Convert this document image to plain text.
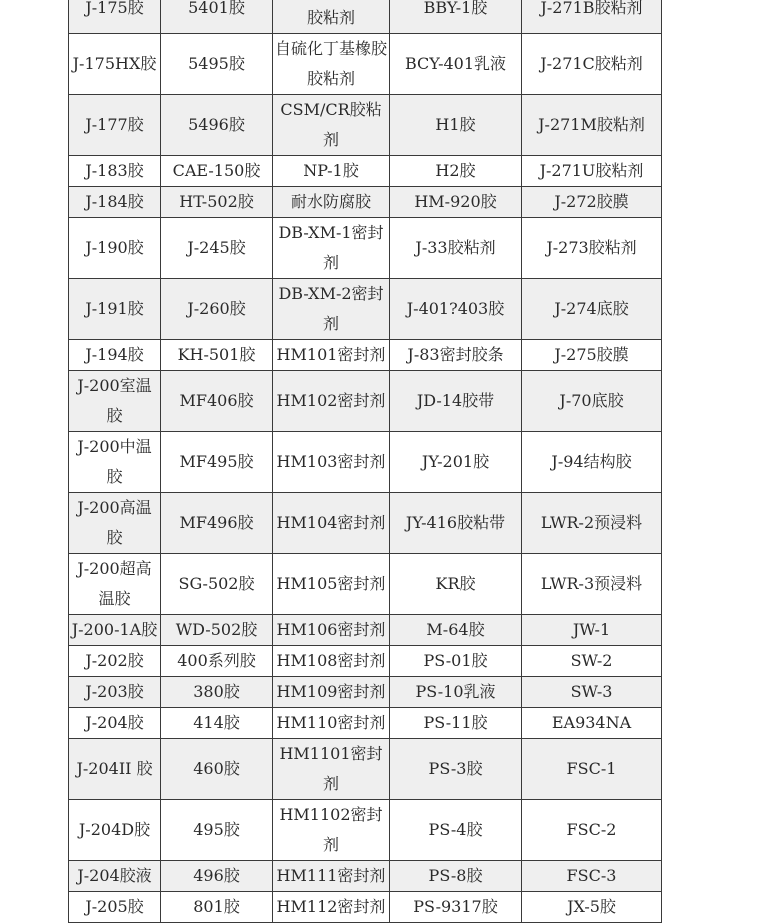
J-175胶	5401胶	胶粘剂	BBY-1胶	J-271B胶粘剂
J-175HX胶	5495胶	自硫化丁基橡胶胶粘剂	BCY-401乳液	J-271C胶粘剂
J-177胶	5496胶	CSM/CR胶粘剂	H1胶	J-271M胶粘剂
J-183胶	CAE-150胶	NP-1胶	H2胶	J-271U胶粘剂
J-184胶	HT-502胶	耐水防腐胶	HM-920胶	J-272胶膜
J-190胶	J-245胶	DB-XM-1密封剂	J-33胶粘剂	J-273胶粘剂
J-191胶	J-260胶	DB-XM-2密封剂	J-401?403胶	J-274底胶
J-194胶	KH-501胶	HM101密封剂	J-83密封胶条	J-275胶膜
J-200室温胶	MF406胶	HM102密封剂	JD-14胶带	J-70底胶
J-200中温胶	MF495胶	HM103密封剂	JY-201胶	J-94结构胶
J-200高温胶	MF496胶	HM104密封剂	JY-416胶粘带	LWR-2预浸料
J-200超高温胶	SG-502胶	HM105密封剂	KR胶	LWR-3预浸料
J-200-1A胶	WD-502胶	HM106密封剂	M-64胶	JW-1
J-202胶	400系列胶	HM108密封剂	PS-01胶	SW-2
J-203胶	380胶	HM109密封剂	PS-10乳液	SW-3
J-204胶	414胶	HM110密封剂	PS-11胶	EA934NA
J-204II 胶	460胶	HM1101密封剂	PS-3胶	FSC-1
J-204D胶	495胶	HM1102密封剂	PS-4胶	FSC-2
J-204胶液	496胶	HM111密封剂	PS-8胶	FSC-3
J-205胶	801胶	HM112密封剂	PS-9317胶	JX-5胶
